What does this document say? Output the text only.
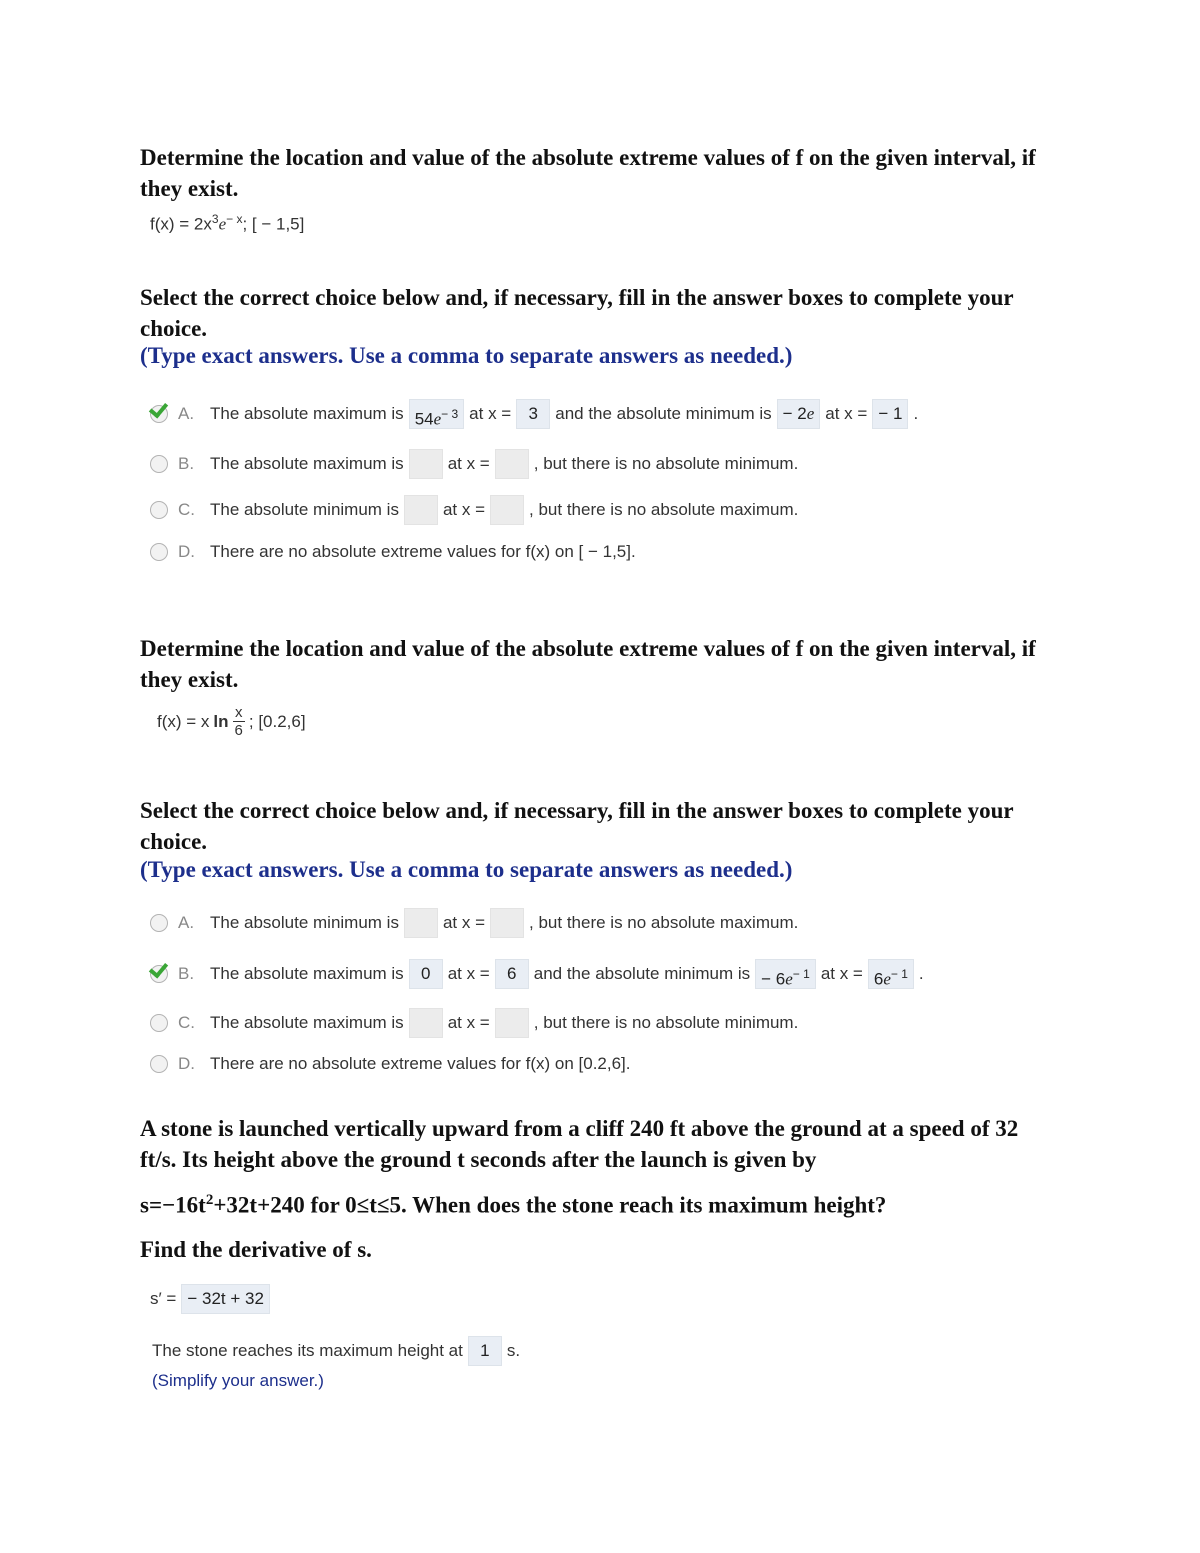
Determine the location and value of the absolute extreme values of f on the given interval, if they exist.
$f(x) = 2x^3e^{- x}$; [ − 1,5]
Select the correct choice below and, if necessary, fill in the answer boxes to complete your choice.
(Type exact answers. Use a comma to separate answers as needed.)
A. The absolute maximum is $54e^{- 3}$ at x =	3	and the absolute minimum is − 2e at x = − 1 .
B. The absolute maximum is	at x =	, but there is no absolute minimum.
C. The absolute minimum is	at x =	, but there is no absolute maximum.
D. There are no absolute extreme values for f(x) on [ − 1,5].
Determine the location and value of the absolute extreme values of f on the given interval, if they exist.
f(x) = x $\ln \frac{x}{6}$ ; [0.2,6]
Select the correct choice below and, if necessary, fill in the answer boxes to complete your choice.
(Type exact answers. Use a comma to separate answers as needed.)
A. The absolute minimum is	at x =	, but there is no absolute maximum.
B. The absolute maximum is	0	at x =	6	and the absolute minimum is − $6e^{- 1}$ at $x = 6e^{- 1}$ .
C. The absolute maximum is	at x =	, but there is no absolute minimum.
D. There are no absolute extreme values for f(x) on [0.2,6].
A stone is launched vertically upward from a cliff 240 ft above the ground at a speed of 32 ft/s. Its height above the ground t seconds after the launch is given by
$s=-16t^2+32t+240$ for 0≤t≤5. When does the stone reach its maximum height?
Find the derivative of s.
s′ = − 32t + 32
The stone reaches its maximum height at	1	s.
(Simplify your answer.)
